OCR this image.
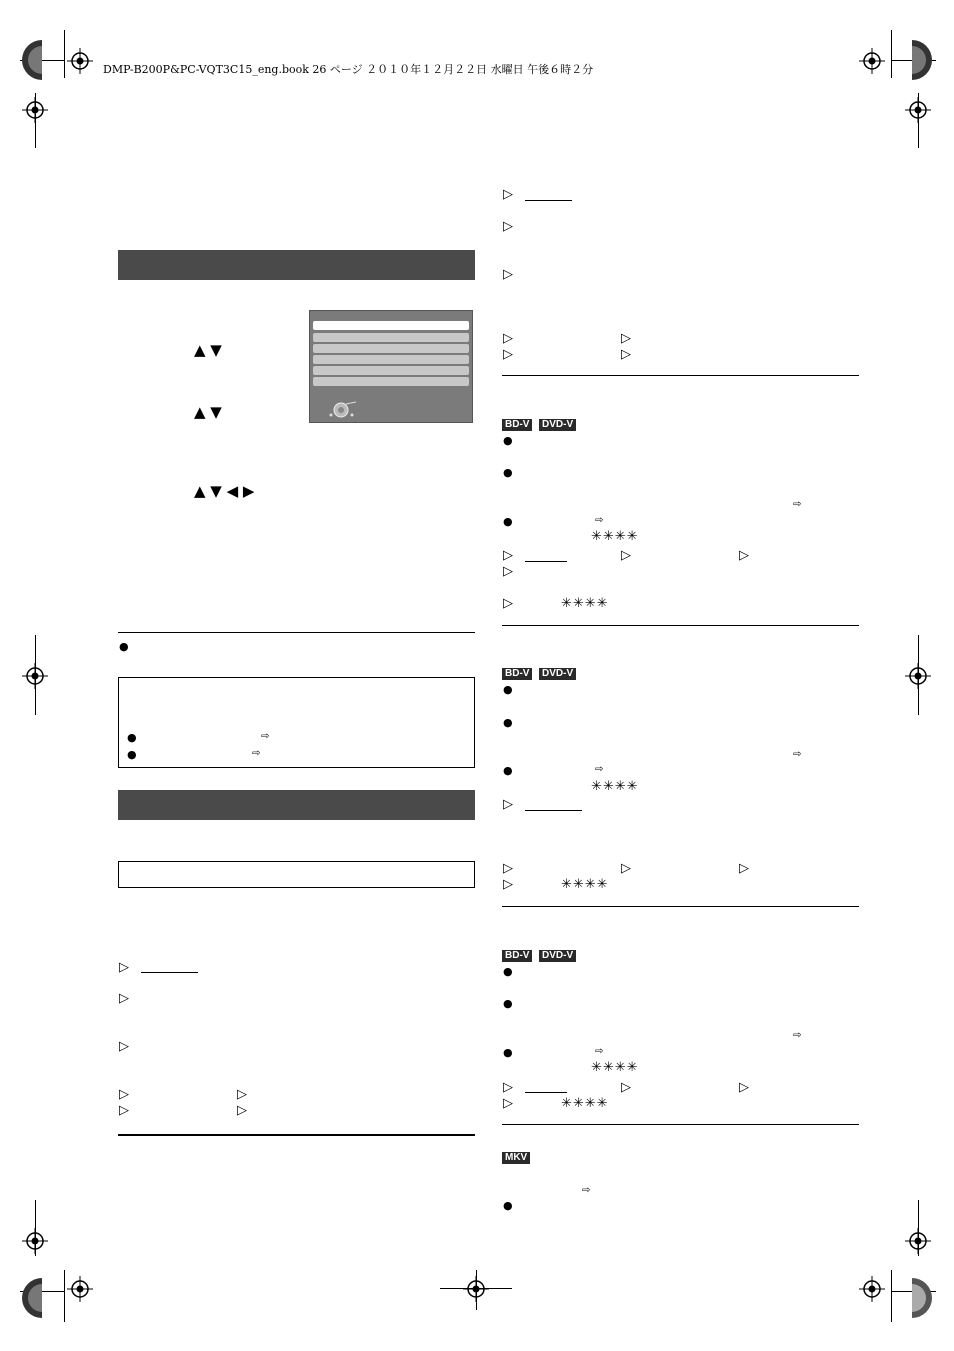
DMP-B200P&PC-VQT3C15_eng.book 26 ページ ２０１０年１２月２２日 水曜日 午後６時２分
▲ ▼
▲ ▼
▲ ▼ ◀ ▶
●
●	⇨
●	⇨
▷
▷
▷
▷	▷
▷	▷
▷
▷
▷
▷	▷
▷	▷
BD-V	DVD-V
●
●
⇨
●	⇨
✳✳✳✳
▷	▷	▷
▷
▷	✳✳✳✳
BD-V	DVD-V
●
●
⇨
●	⇨
✳✳✳✳
▷
▷	▷	▷
▷	✳✳✳✳
BD-V	DVD-V
●
●
⇨
●	⇨
✳✳✳✳
▷	▷	▷
▷	✳✳✳✳
MKV
⇨
●
